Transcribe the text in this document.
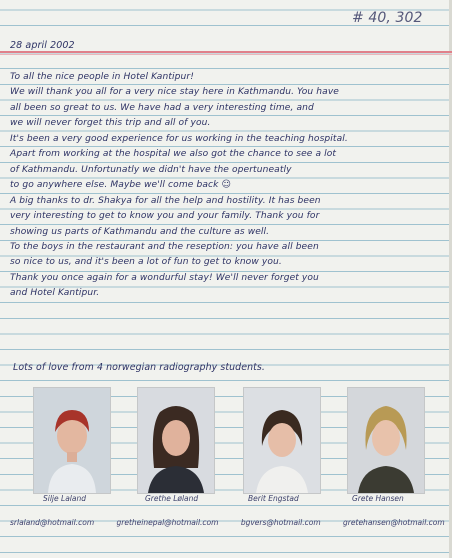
# 40, 302
28 april 2002
To all the nice people in Hotel Kantipur!
We will thank you all for a very nice stay here in Kathmandu. You have
all been so great to us. We have had a very interesting time, and
we will never forget this trip and all of you.
It's been a very good experience for us working in the teaching hospital.
Apart from working at the hospital we also got the chance to see a lot
of Kathmandu. Unfortunatly we didn't have the opertuneatly
to go anywhere else. Maybe we'll come back ☺
A big thanks to dr. Shakya for all the help and hostility. It has been
very interesting to get to know you and your family. Thank you for
showing us parts of Kathmandu and the culture as well.
To the boys in the restaurant and the reseption: you have all been
so nice to us, and it's been a lot of fun to get to know you.
Thank you once again for a wondurful stay! We'll never forget you
and Hotel Kantipur.
Lots of love from 4 norwegian radiography students.
Silje Laland	Grethe Løland	Berit Engstad	Grete Hansen
srlaland@hotmail.com	gretheinepal@hotmail.com	bgvers@hotmail.com	gretehansen@hotmail.com
